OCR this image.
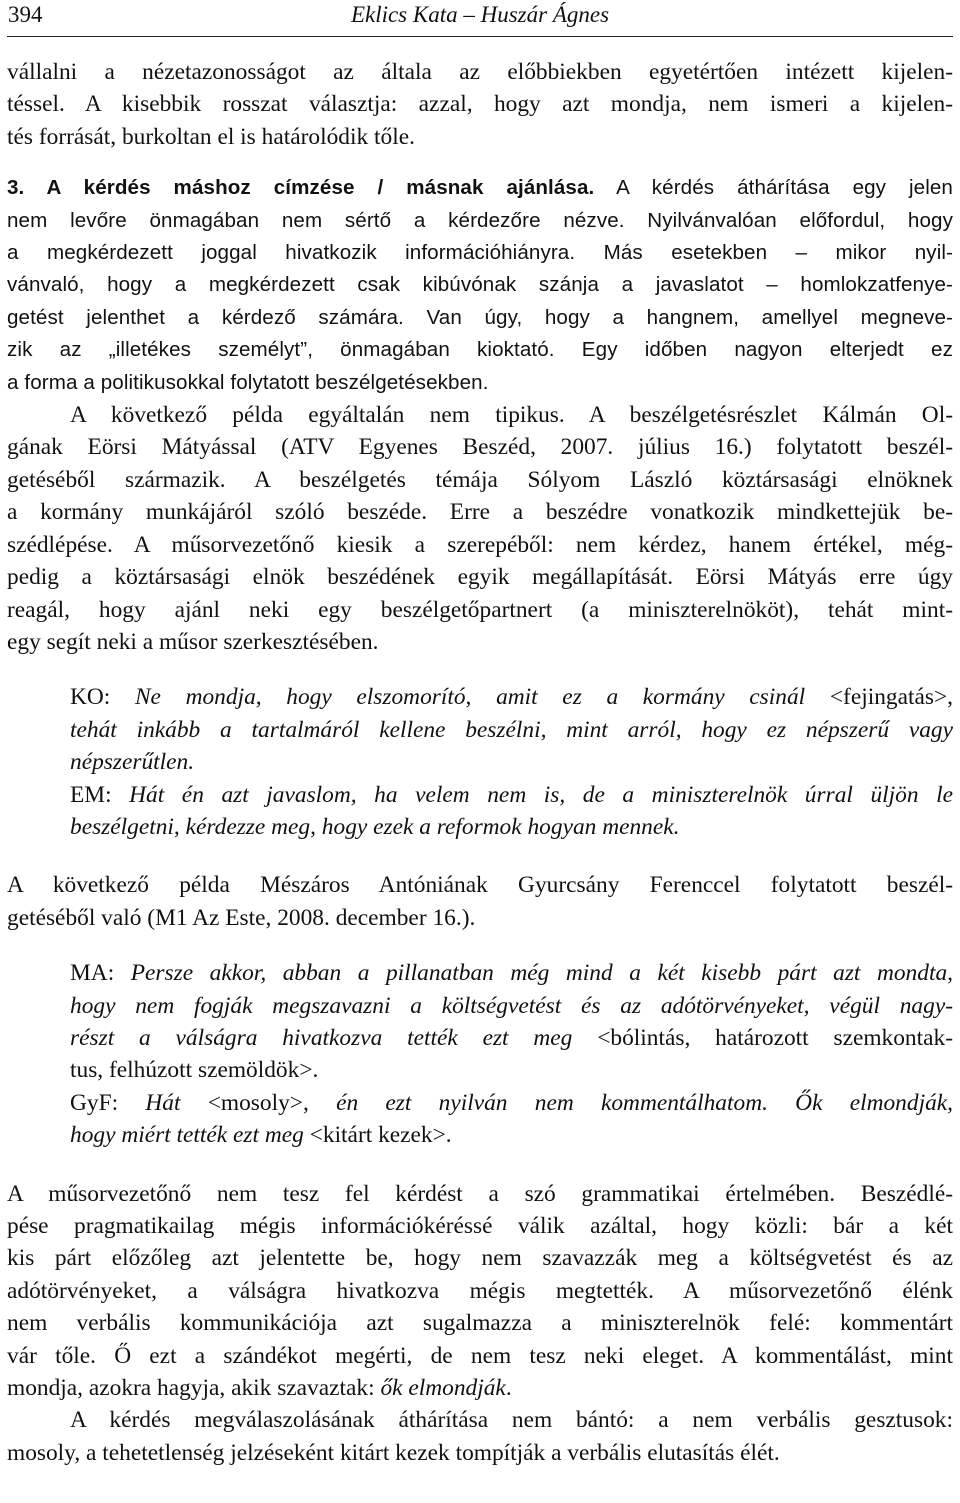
394	Eklics Kata – Huszár Ágnes
vállalni a nézetazonosságot az általa az előbbiekben egyetértően intézett kijelen-
téssel. A kisebbik rosszat választja: azzal, hogy azt mondja, nem ismeri a kijelen-
tés forrását, burkoltan el is határolódik tőle.
3. A kérdés máshoz címzése / másnak ajánlása. A kérdés áthárítása egy jelen
nem levőre önmagában nem sértő a kérdezőre nézve. Nyilvánvalóan előfordul, hogy
a megkérdezett joggal hivatkozik információhiányra. Más esetekben – mikor nyil-
vánvaló, hogy a megkérdezett csak kibúvónak szánja a javaslatot – homlokzatfenye-
getést jelenthet a kérdező számára. Van úgy, hogy a hangnem, amellyel megneve-
zik az „illetékes személyt”, önmagában kioktató. Egy időben nagyon elterjedt ez
a forma a politikusokkal folytatott beszélgetésekben.
A következő példa egyáltalán nem tipikus. A beszélgetésrészlet Kálmán Ol-
gának Eörsi Mátyással (ATV Egyenes Beszéd, 2007. július 16.) folytatott beszél-
getéséből származik. A beszélgetés témája Sólyom László köztársasági elnöknek
a kormány munkájáról szóló beszéde. Erre a beszédre vonatkozik mindkettejük be-
szédlépése. A műsorvezetőnő kiesik a szerepéből: nem kérdez, hanem értékel, még-
pedig a köztársasági elnök beszédének egyik megállapítását. Eörsi Mátyás erre úgy
reagál, hogy ajánl neki egy beszélgetőpartnert (a miniszterelnököt), tehát mint-
egy segít neki a műsor szerkesztésében.
KO: Ne mondja, hogy elszomorító, amit ez a kormány csinál <fejingatás>,
tehát inkább a tartalmáról kellene beszélni, mint arról, hogy ez népszerű vagy
népszerűtlen.
EM: Hát én azt javaslom, ha velem nem is, de a miniszterelnök úrral üljön le
beszélgetni, kérdezze meg, hogy ezek a reformok hogyan mennek.
A következő példa Mészáros Antóniának Gyurcsány Ferenccel folytatott beszél-
getéséből való (M1 Az Este, 2008. december 16.).
MA: Persze akkor, abban a pillanatban még mind a két kisebb párt azt mondta,
hogy nem fogják megszavazni a költségvetést és az adótörvényeket, végül nagy-
részt a válságra hivatkozva tették ezt meg <bólintás, határozott szemkontak-
tus, felhúzott szemöldök>.
GyF: Hát <mosoly>, én ezt nyilván nem kommentálhatom. Ők elmondják,
hogy miért tették ezt meg <kitárt kezek>.
A műsorvezetőnő nem tesz fel kérdést a szó grammatikai értelmében. Beszédlé-
pése pragmatikailag mégis információkéréssé válik azáltal, hogy közli: bár a két
kis párt előzőleg azt jelentette be, hogy nem szavazzák meg a költségvetést és az
adótörvényeket, a válságra hivatkozva mégis megtették. A műsorvezetőnő élénk
nem verbális kommunikációja azt sugalmazza a miniszterelnök felé: kommentárt
vár tőle. Ő ezt a szándékot megérti, de nem tesz neki eleget. A kommentálást, mint
mondja, azokra hagyja, akik szavaztak: ők elmondják.
A kérdés megválaszolásának áthárítása nem bántó: a nem verbális gesztusok:
mosoly, a tehetetlenség jelzéseként kitárt kezek tompítják a verbális elutasítás élét.
